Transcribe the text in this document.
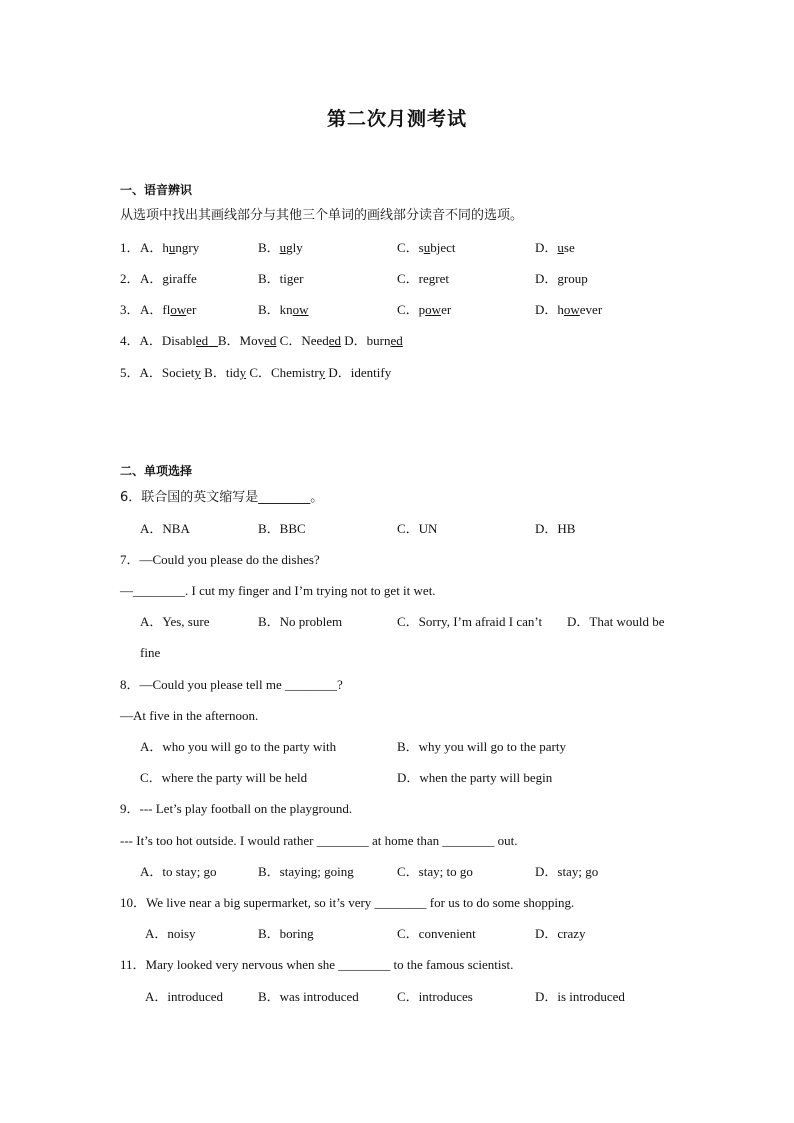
第二次月测考试
一、语音辨识
从选项中找出其画线部分与其他三个单词的画线部分读音不同的选项。
1． A．hungry	B．ugly	C．subject	D．use
2． A．giraffe	B．tiger	C．regret	D．group
3． A．flower	B．know	C．power	D．however
4．A．Disabled B．Moved C．Needed D．burned
5．A．Society B．tidy C．Chemistry D．identify
二、单项选择
6．联合国的英文缩写是________。
A．NBA	B．BBC	C．UN	D．HB
7．—Could you please do the dishes?
—________. I cut my finger and I’m trying not to get it wet.
A．Yes, sure	B．No problem	C．Sorry, I’m afraid I can’t D．That would be
fine
8．—Could you please tell me ________?
—At five in the afternoon.
A．who you will go to the party with	B．why you will go to the party
C．where the party will be held	D．when the party will begin
9．--- Let’s play football on the playground.
--- It’s too hot outside. I would rather ________ at home than ________ out.
A．to stay; go	B．staying; going	C．stay; to go	D．stay; go
10．We live near a big supermarket, so it’s very ________ for us to do some shopping.
A．noisy	B．boring	C．convenient	D．crazy
11．Mary looked very nervous when she ________ to the famous scientist.
A．introduced	B．was introduced	C．introduces	D．is introduced
